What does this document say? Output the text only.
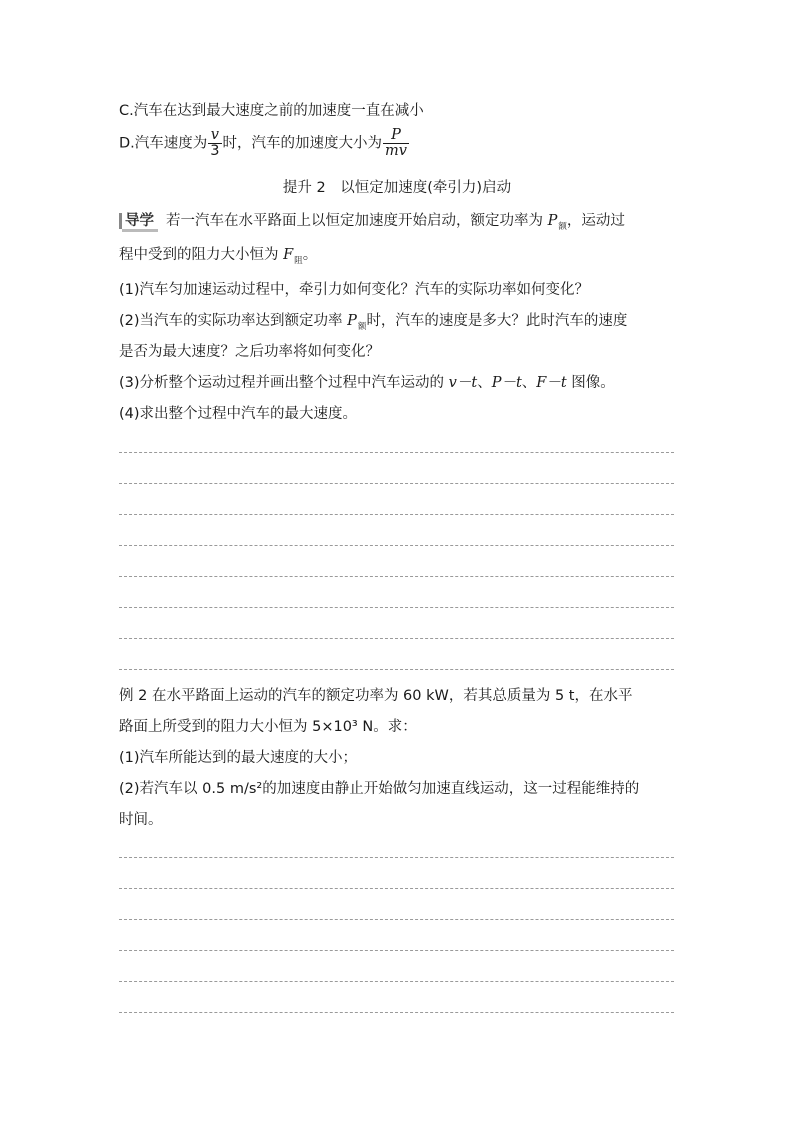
C.汽车在达到最大速度之前的加速度一直在减小
D.汽车速度为 $\frac{v}{3}$ 时，汽车的加速度大小为 $\frac{P}{mv}$
提升 2　以恒定加速度(牵引力)启动
导学 若一汽车在水平路面上以恒定加速度开始启动，额定功率为 $P_额$，运动过
程中受到的阻力大小恒为 $F_阻$。
(1)汽车匀加速运动过程中，牵引力如何变化？汽车的实际功率如何变化？
(2)当汽车的实际功率达到额定功率 $P_额$时，汽车的速度是多大？此时汽车的速度
是否为最大速度？之后功率将如何变化？
(3)分析整个运动过程并画出整个过程中汽车运动的 v－t、P－t、F－t 图像。
(4)求出整个过程中汽车的最大速度。
例 2 在水平路面上运动的汽车的额定功率为 60 kW，若其总质量为 5 t，在水平
路面上所受到的阻力大小恒为 5×10³ N。求：
(1)汽车所能达到的最大速度的大小；
(2)若汽车以 0.5 m/s²的加速度由静止开始做匀加速直线运动，这一过程能维持的
时间。
